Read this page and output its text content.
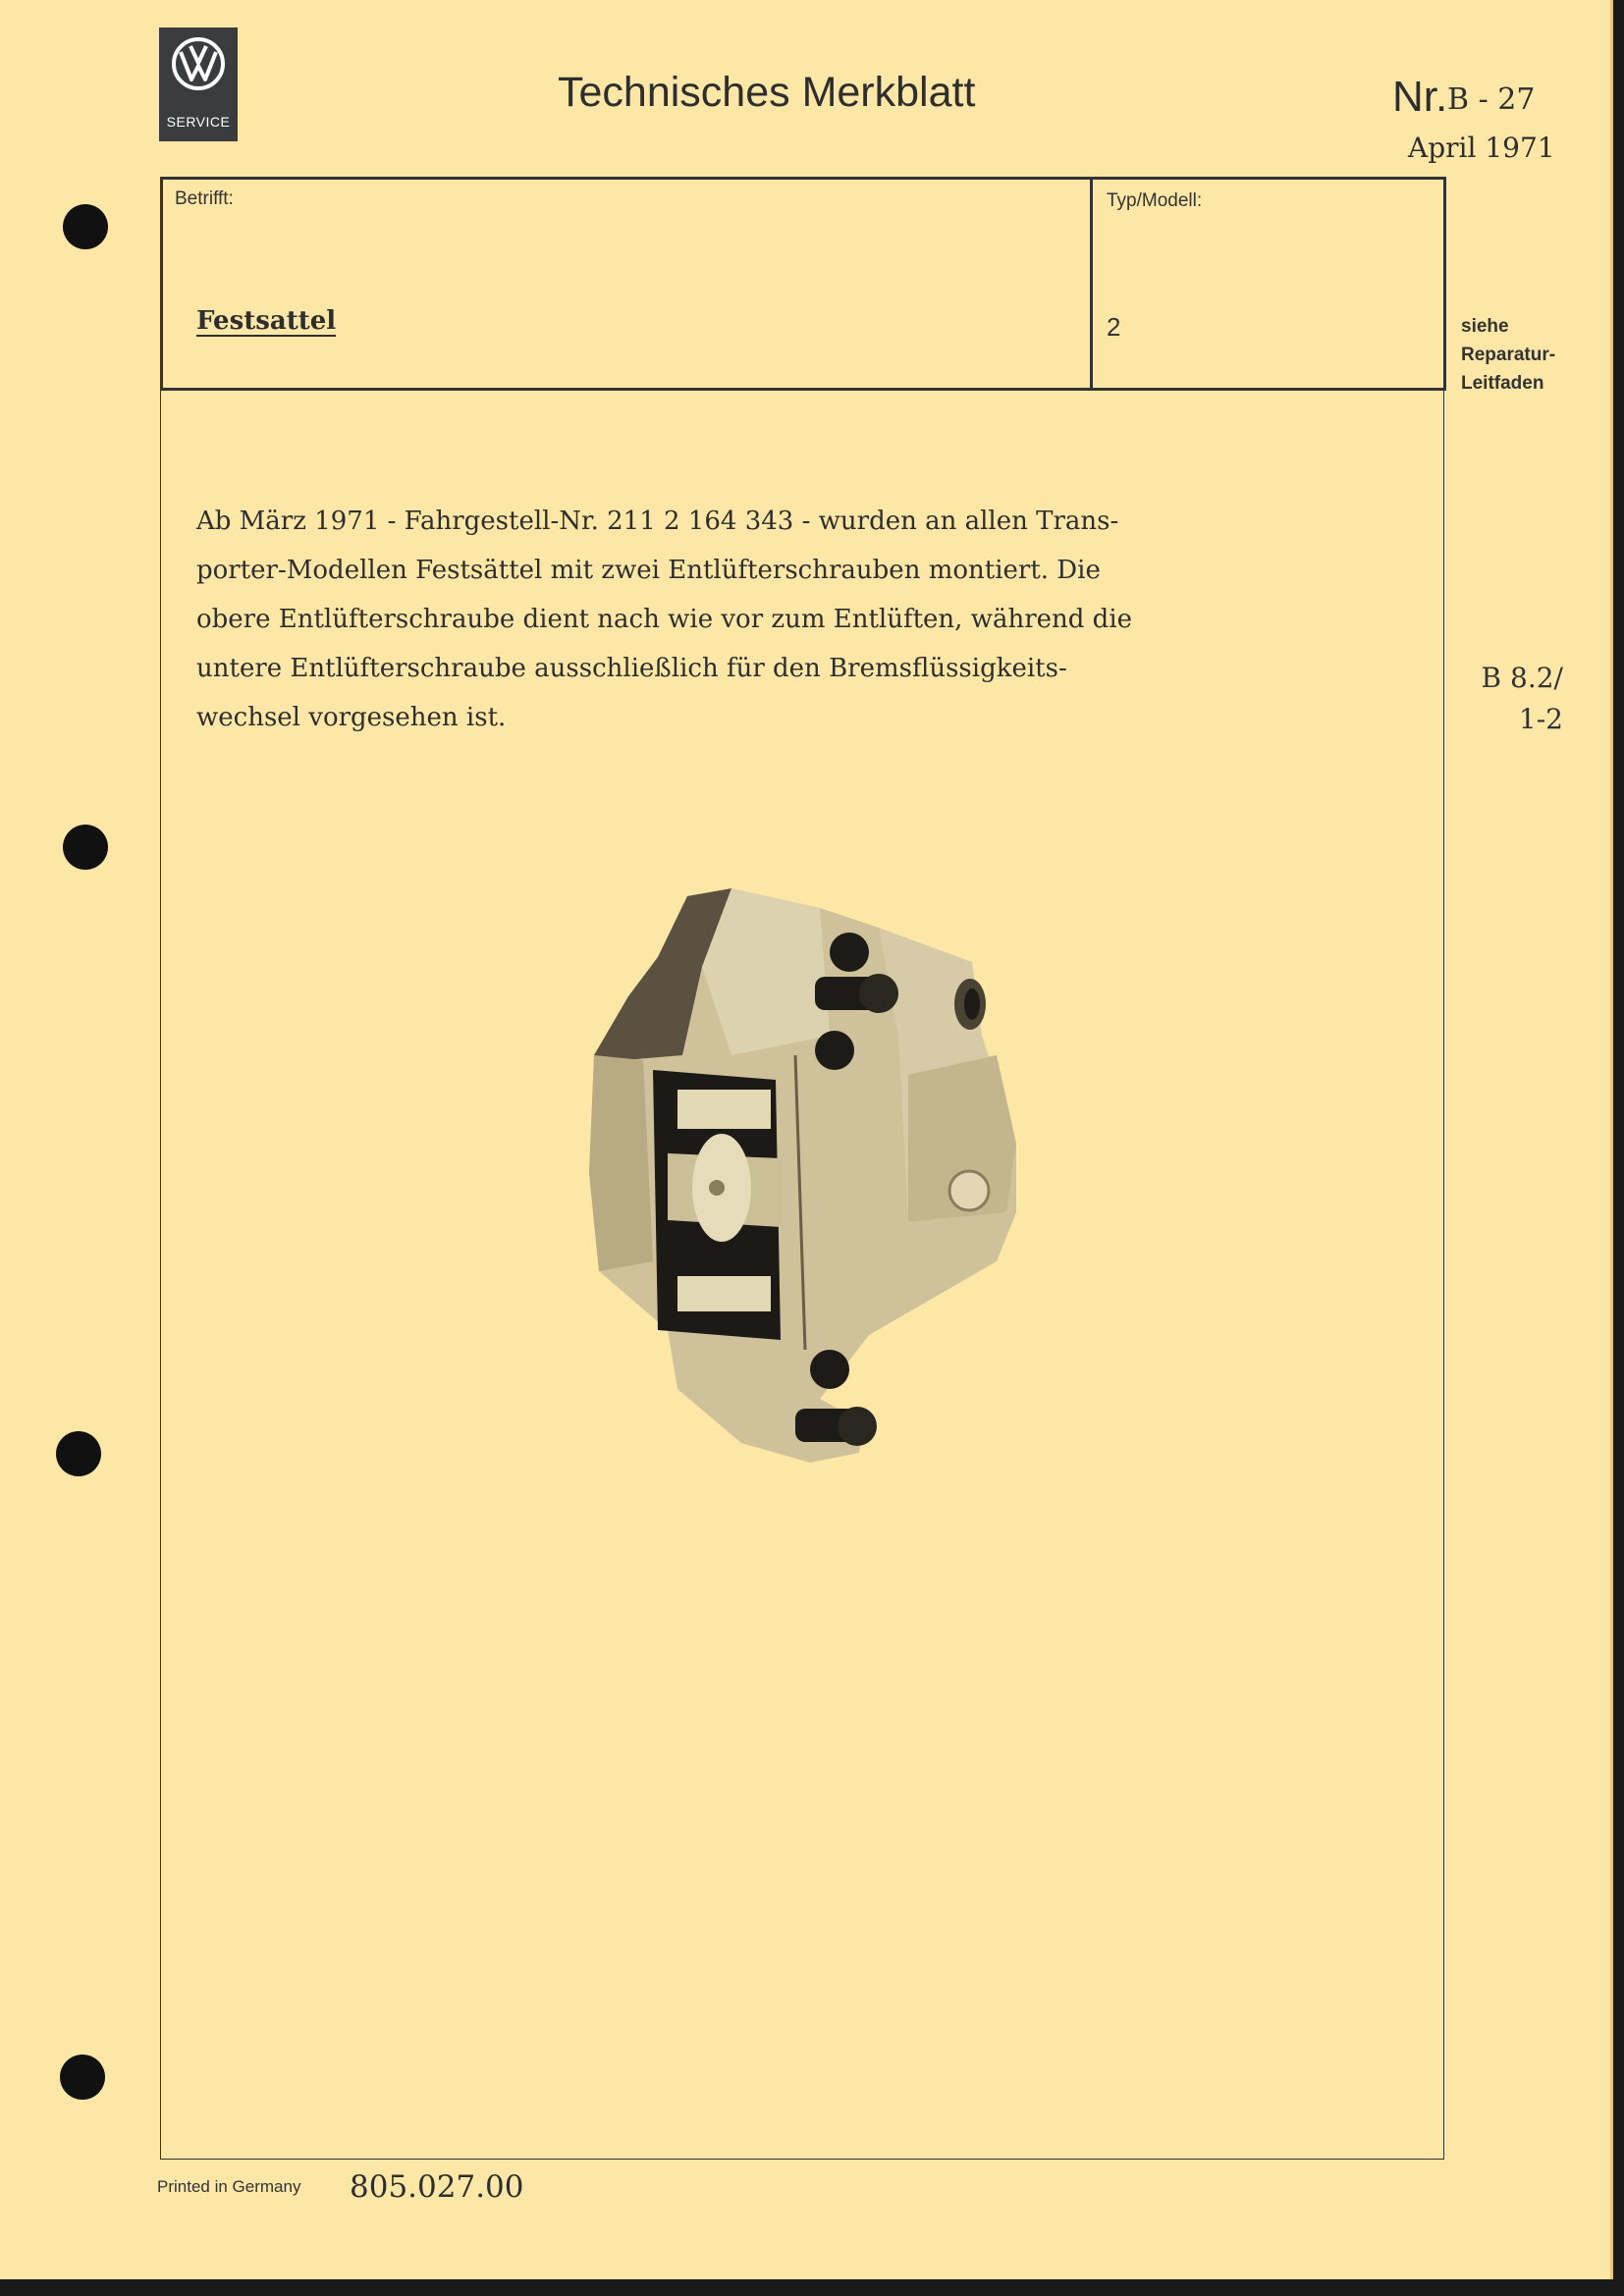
SERVICE
Technisches Merkblatt	Nr. B - 27
April 1971
Betrifft:	Typ/Modell:
Festsattel	2	siehe
Reparatur-
Leitfaden
Ab März 1971 - Fahrgestell-Nr. 211 2 164 343 - wurden an allen Trans-
porter-Modellen Festsättel mit zwei Entlüfterschrauben montiert. Die
obere Entlüfterschraube dient nach wie vor zum Entlüften, während die
untere Entlüfterschraube ausschließlich für den Bremsflüssigkeits-
wechsel vorgesehen ist.
B 8.2/
1-2
Printed in Germany 805.027.00
